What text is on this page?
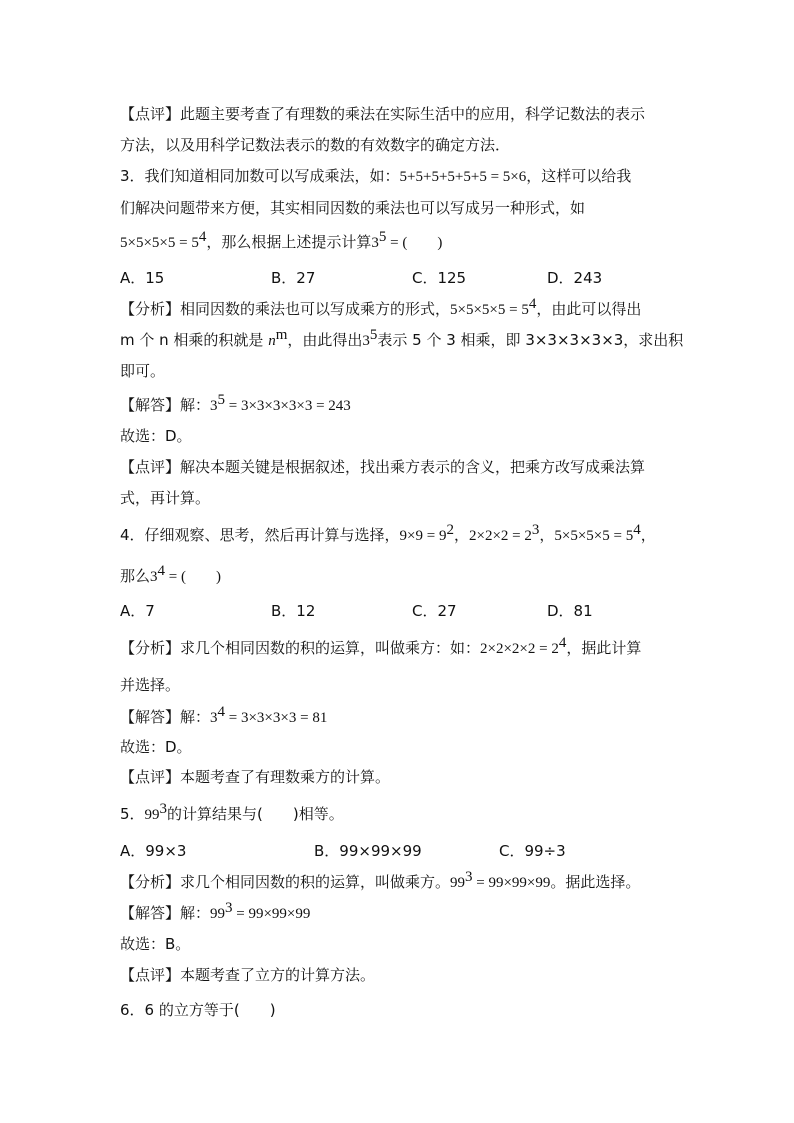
【点评】此题主要考查了有理数的乘法在实际生活中的应用，科学记数法的表示
方法，以及用科学记数法表示的数的有效数字的确定方法．
3．我们知道相同加数可以写成乘法，如：5+5+5+5+5+5 = 5×6，这样可以给我
们解决问题带来方便，其实相同因数的乘法也可以写成另一种形式，如
$5\times 5\times 5\times 5 = 5^4$，那么根据上述提示计算$3^5$ = (　　)
A．15	B．27	C．125	D．243
【分析】相同因数的乘法也可以写成乘方的形式，$5\times 5\times 5\times 5 = 5^4$，由此可以得出
m 个 n 相乘的积就是 $n^m$，由此得出$3^5$表示 5 个 3 相乘，即 3×3×3×3×3，求出积
即可。
【解答】解：$3^5 = 3\times 3\times 3\times 3\times 3 = 243$
故选：D。
【点评】解决本题关键是根据叙述，找出乘方表示的含义，把乘方改写成乘法算
式，再计算。
4．仔细观察、思考，然后再计算与选择，$9\times 9 = 9^2$，$2\times 2\times 2 = 2^3$，$5\times 5\times 5\times 5 = 5^4$，
那么$3^4$ = (　　)
A．7	B．12	C．27	D．81
【分析】求几个相同因数的积的运算，叫做乘方：如：$2\times 2\times 2\times 2 = 2^4$，据此计算
并选择。
【解答】解：$3^4 = 3\times 3\times 3\times 3 = 81$
故选：D。
【点评】本题考查了有理数乘方的计算。
5．$99^3$的计算结果与(　　)相等。
A．99×3	B．99×99×99	C．99÷3
【分析】求几个相同因数的积的运算，叫做乘方。$99^3 = 99\times 99\times 99$。据此选择。
【解答】解：$99^3 = 99\times 99\times 99$
故选：B。
【点评】本题考查了立方的计算方法。
6．6 的立方等于(　　)
